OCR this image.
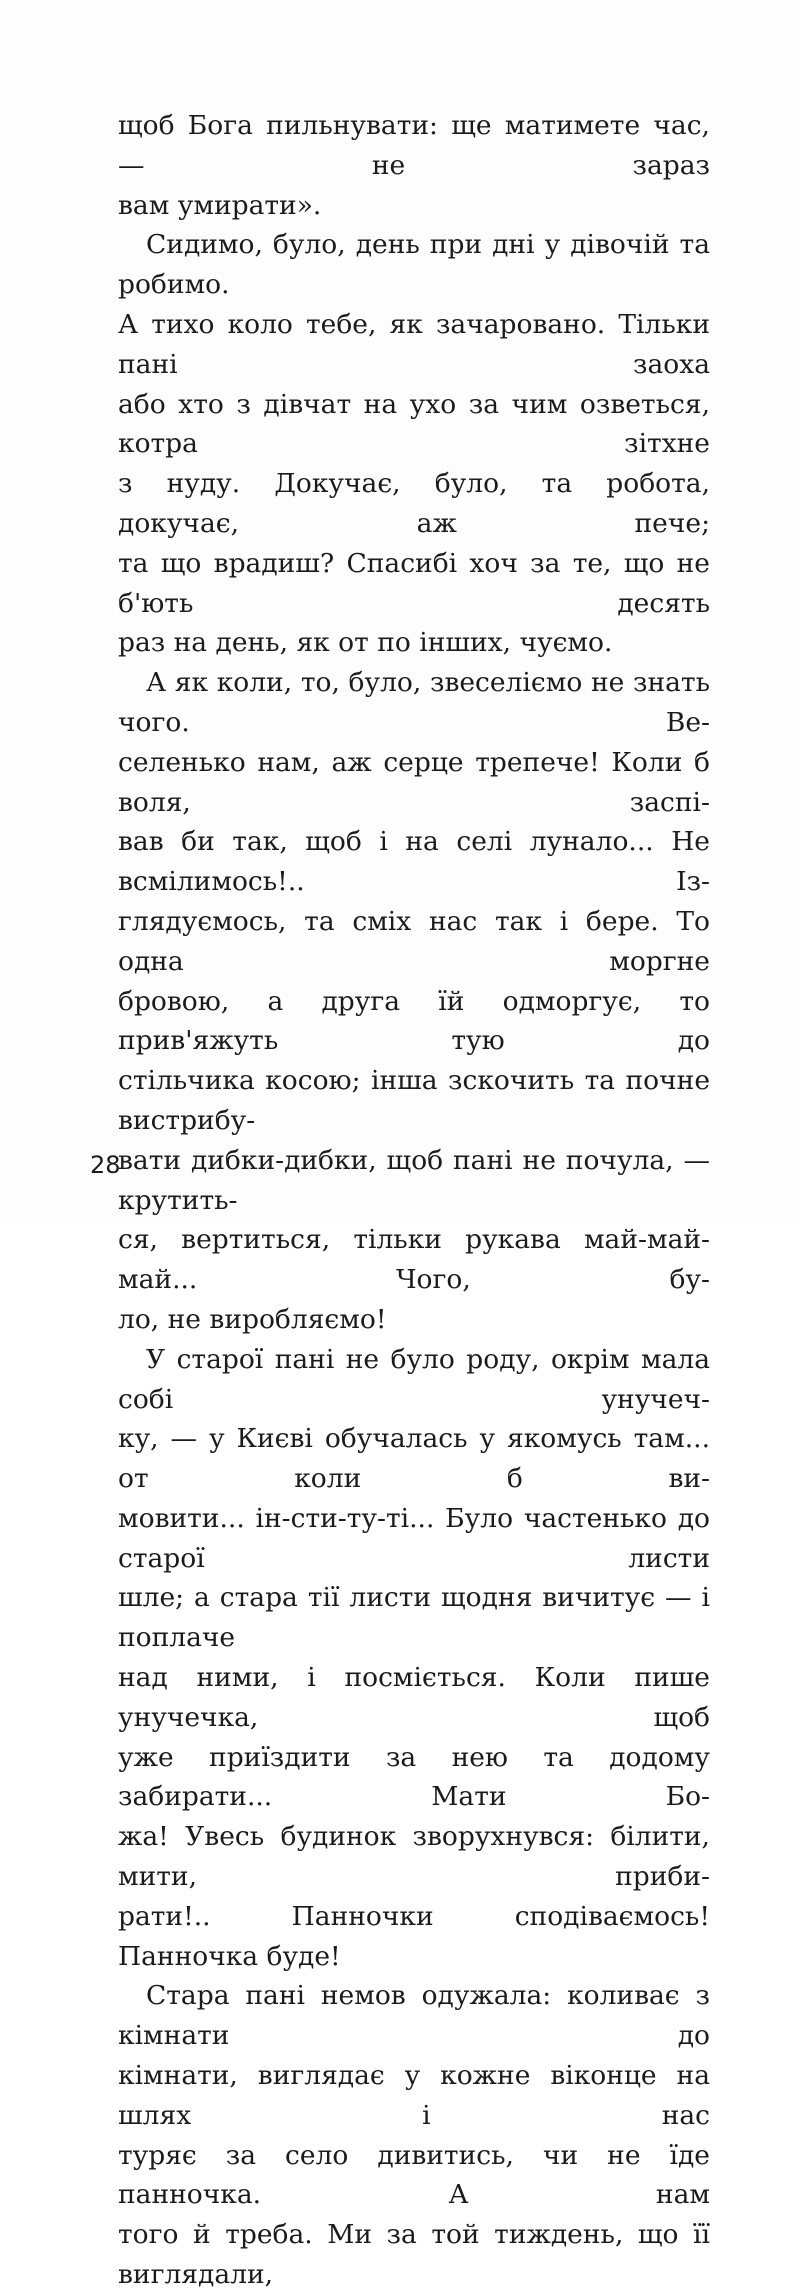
щоб Бога пильнувати: ще матимете час, — не зараз

вам умирати».

Сидимо, було, день при дні у дівочій та робимо.

А тихо коло тебе, як зачаровано. Тільки пані заоха

або хто з дівчат на ухо за чим озветься, котра зітхне

з нуду. Докучає, було, та робота, докучає, аж пече;

та що врадиш? Спасибі хоч за те, що не б'ють десять

раз на день, як от по інших, чуємо.

А як коли, то, було, звеселіємо не знать чого. Ве-

селенько нам, аж серце трепече! Коли б воля, заспі-

вав би так, щоб і на селі лунало... Не всмілимось!.. Із-

глядуємось, та сміх нас так і бере. То одна моргне

бровою, а друга їй одморгує, то прив'яжуть тую до

стільчика косою; інша зскочить та почне вистрибу-

вати дибки-дибки, щоб пані не почула, — крутить-

ся, вертиться, тільки рукава май-май-май... Чого, бу-

ло, не виробляємо!

У старої пані не було роду, окрім мала собі унучеч-

ку, — у Києві обучалась у якомусь там... от коли б ви-

мовити... ін-сти-ту-ті... Було частенько до старої листи

шле; а стара тії листи щодня вичитує — і поплаче

над ними, і посміється. Коли пише унучечка, щоб

уже приїздити за нею та додому забирати... Мати Бо-

жа! Увесь будинок зворухнувся: білити, мити, приби-

рати!.. Панночки сподіваємось! Панночка буде!

Стара пані немов одужала: коливає з кімнати до

кімнати, виглядає у кожне віконце на шлях і нас

туряє за село дивитись, чи не їде панночка. А нам

того й треба. Ми за той тиждень, що її виглядали,

28
